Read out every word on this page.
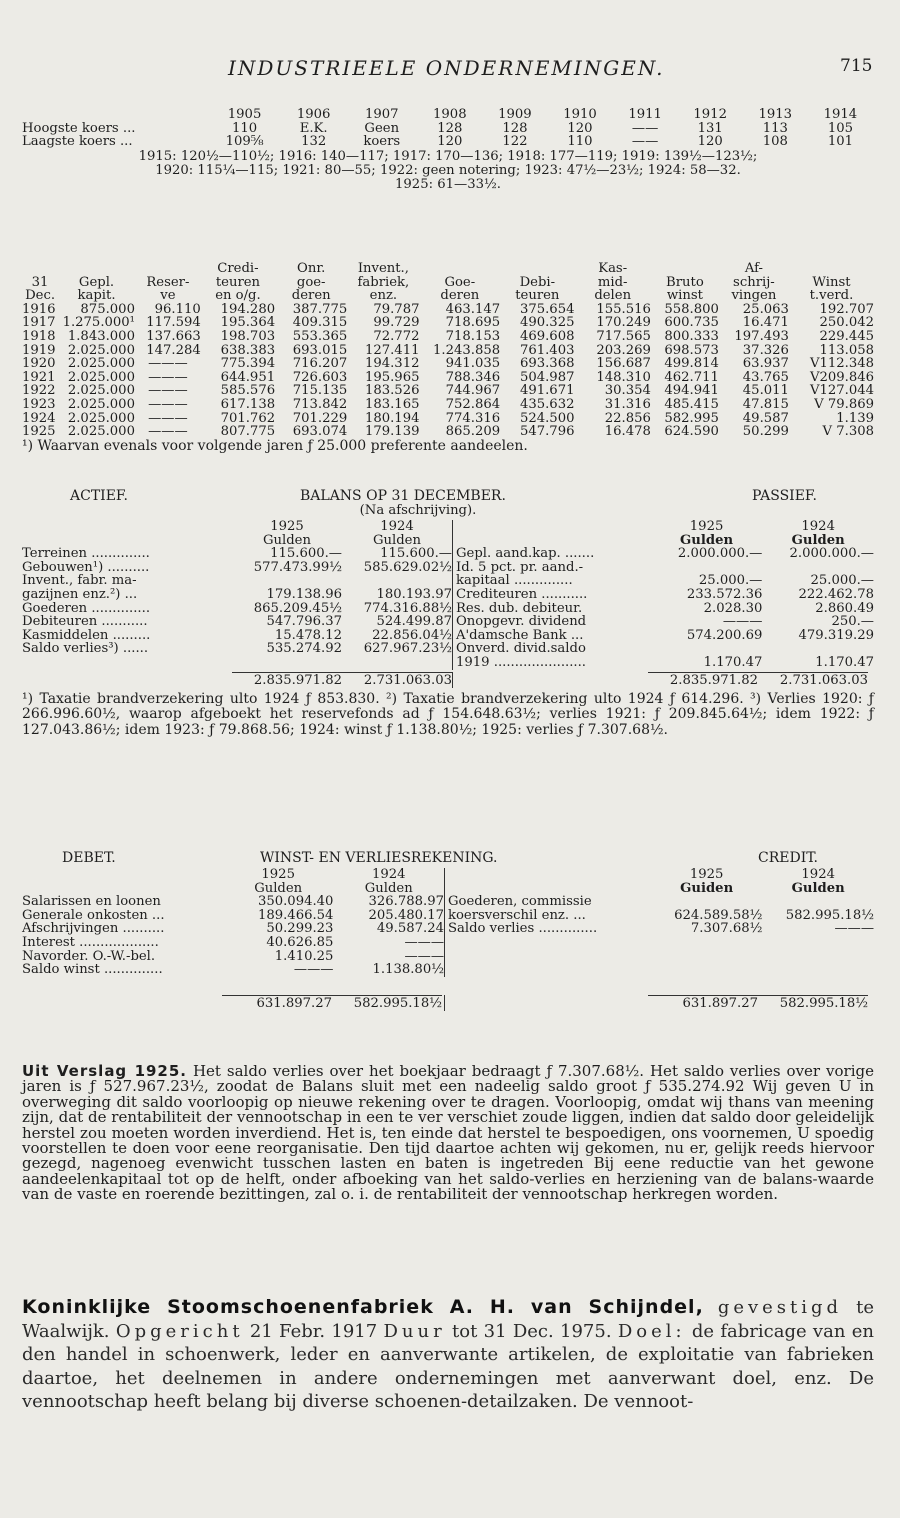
INDUSTRIEELE ONDERNEMINGEN.	715
	1905	1906	1907	1908	1909	1910	1911	1912	1913	1914
Hoogste koers ...	110	E.K.	Geen	128	128	120	——	131	113	105
Laagste koers ...	109⅝	132	koers	120	122	110	——	120	108	101
1915: 120½—110½; 1916: 140—117; 1917: 170—136; 1918: 177—119; 1919: 139½—123½;
1920: 115¼—115; 1921: 80—55; 1922: geen notering; 1923: 47½—23½; 1924: 58—32.
1925: 61—33½.
			Credi-	Onr.	Invent.,			Kas-		Af-	
31	Gepl.	Reser-	teuren	goe-	fabriek,	Goe-	Debi-	mid-	Bruto	schrij-	Winst
Dec.	kapit.	ve	en o/g.	deren	enz.	deren	teuren	delen	winst	vingen	t.verd.
1916	875.000	96.110	194.280	387.775	79.787	463.147	375.654	155.516	558.800	25.063	192.707
1917	1.275.000¹	117.594	195.364	409.315	99.729	718.695	490.325	170.249	600.735	16.471	250.042
1918	1.843.000	137.663	198.703	553.365	72.772	718.153	469.608	717.565	800.333	197.493	229.445
1919	2.025.000	147.284	638.383	693.015	127.411	1.243.858	761.403	203.269	698.573	37.326	113.058
1920	2.025.000	———	775.394	716.207	194.312	941.035	693.368	156.687	499.814	63.937	V112.348
1921	2.025.000	———	644.951	726.603	195.965	788.346	504.987	148.310	462.711	43.765	V209.846
1922	2.025.000	———	585.576	715.135	183.526	744.967	491.671	30.354	494.941	45.011	V127.044
1923	2.025.000	———	617.138	713.842	183.165	752.864	435.632	31.316	485.415	47.815	V 79.869
1924	2.025.000	———	701.762	701.229	180.194	774.316	524.500	22.856	582.995	49.587	1.139
1925	2.025.000	———	807.775	693.074	179.139	865.209	547.796	16.478	624.590	50.299	V 7.308
¹) Waarvan evenals voor volgende jaren ƒ 25.000 preferente aandeelen.
ACTIEF.	BALANS OP 31 DECEMBER.	PASSIEF.
(Na afschrijving).
	1925	1924
	Gulden	Gulden
Terreinen ..............	115.600.—	115.600.—
Gebouwen¹) ..........	577.473.99½	585.629.02½
Invent., fabr. ma-		
gazijnen enz.²) ...	179.138.96	180.193.97
Goederen ..............	865.209.45½	774.316.88½
Debiteuren ...........	547.796.37	524.499.87
Kasmiddelen .........	15.478.12	22.856.04½
Saldo verlies³) ......	535.274.92	627.967.23½
	1925	1924
	Gulden	Gulden
Gepl. aand.kap. .......	2.000.000.—	2.000.000.—
Id. 5 pct. pr. aand.-		
kapitaal ..............	25.000.—	25.000.—
Crediteuren ...........	233.572.36	222.462.78
Res. dub. debiteur.	2.028.30	2.860.49
Onopgevr. dividend	———	250.—
A'damsche Bank ...	574.200.69	479.319.29
Onverd. divid.saldo		
1919 ......................	1.170.47	1.170.47
2.835.971.82	2.731.063.03	2.835.971.82	2.731.063.03
¹) Taxatie brandverzekering ulto 1924 ƒ 853.830. ²) Taxatie brandverzekering ulto 1924 ƒ 614.296. ³) Verlies 1920: ƒ 266.996.60½, waarop afgeboekt het reservefonds ad ƒ 154.648.63½; verlies 1921: ƒ 209.845.64½; idem 1922: ƒ 127.043.86½; idem 1923: ƒ 79.868.56; 1924: winst ƒ 1.138.80½; 1925: verlies ƒ 7.307.68½.
DEBET.	WINST- EN VERLIESREKENING.	CREDIT.
	1925	1924
	Gulden	Gulden
Salarissen en loonen	350.094.40	326.788.97
Generale onkosten ...	189.466.54	205.480.17
Afschrijvingen ..........	50.299.23	49.587.24
Interest ...................	40.626.85	———
Navorder. O.-W.-bel.	1.410.25	———
Saldo winst ..............	———	1.138.80½
	1925	1924
	Guiden	Gulden
Goederen, commissie		
koersverschil enz. ...	624.589.58½	582.995.18½
Saldo verlies ..............	7.307.68½	———
631.897.27	582.995.18½	631.897.27	582.995.18½
Uit Verslag 1925. Het saldo verlies over het boekjaar bedraagt ƒ 7.307.68½. Het saldo verlies over vorige jaren is ƒ 527.967.23½, zoodat de Balans sluit met een nadeelig saldo groot ƒ 535.274.92 Wij geven U in overweging dit saldo voorloopig op nieuwe rekening over te dragen. Voorloopig, omdat wij thans van meening zijn, dat de rentabiliteit der vennootschap in een te ver verschiet zoude liggen, indien dat saldo door geleidelijk herstel zou moeten worden inverdiend. Het is, ten einde dat herstel te bespoedigen, ons voornemen, U spoedig voorstellen te doen voor eene reorganisatie. Den tijd daartoe achten wij gekomen, nu er, gelijk reeds hiervoor gezegd, nagenoeg evenwicht tusschen lasten en baten is ingetreden Bij eene reductie van het gewone aandeelenkapitaal tot op de helft, onder afboeking van het saldo-verlies en herziening van de balans-waarde van de vaste en roerende bezittingen, zal o. i. de rentabiliteit der vennootschap herkregen worden.
Koninklijke Stoomschoenenfabriek A. H. van Schijndel, gevestigd te Waalwijk. Opgericht 21 Febr. 1917 Duur tot 31 Dec. 1975. Doel: de fabricage van en den handel in schoenwerk, leder en aanverwante artikelen, de exploitatie van fabrieken daartoe, het deelnemen in andere ondernemingen met aanverwant doel, enz. De vennootschap heeft belang bij diverse schoenen-detailzaken. De vennoot-
